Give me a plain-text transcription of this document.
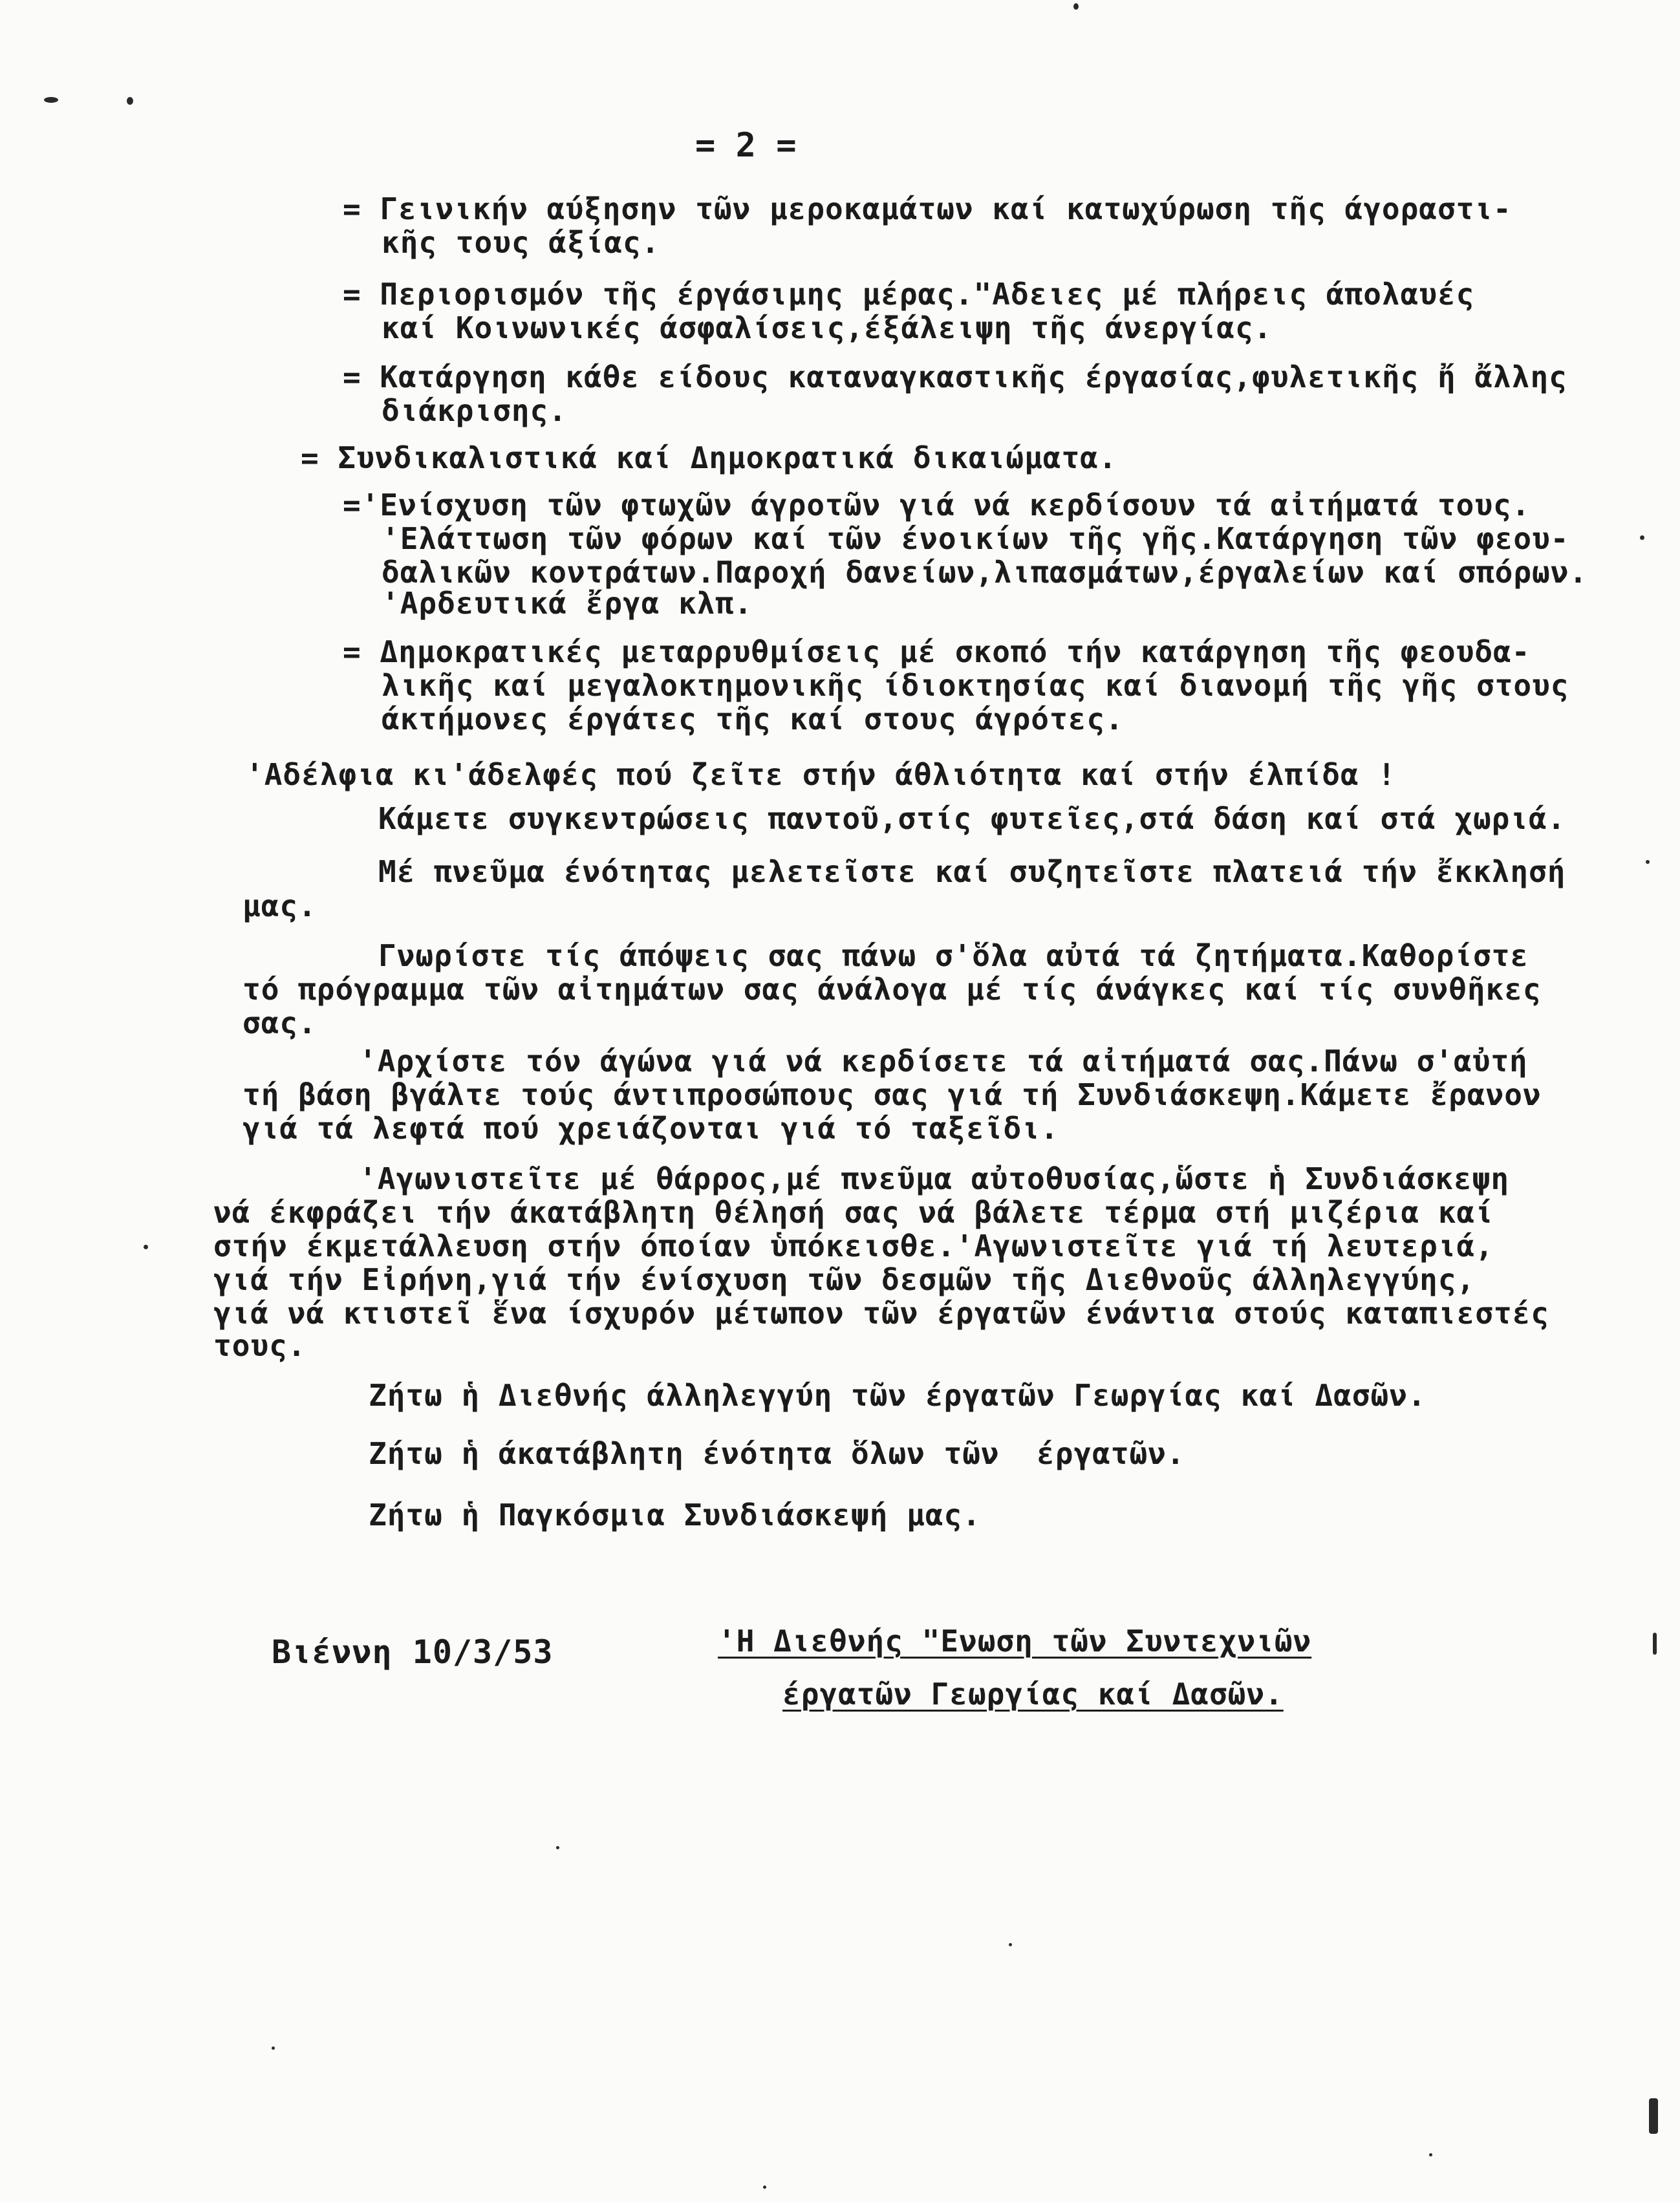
= 2 =
= Γεινικήν αύξησην τῶν μεροκαμάτων καί κατωχύρωση τῆς άγοραστι-
κῆς τους άξίας.
= Περιορισμόν τῆς έργάσιμης μέρας."Αδειες μέ πλήρεις άπολαυές
καί Κοινωνικές άσφαλίσεις,έξάλειψη τῆς άνεργίας.
= Κατάργηση κάθε είδους καταναγκαστικῆς έργασίας,φυλετικῆς ἤ ἄλλης
διάκρισης.
= Συνδικαλιστικά καί Δημοκρατικά δικαιώματα.
='Ενίσχυση τῶν φτωχῶν άγροτῶν γιά νά κερδίσουν τά αἰτήματά τους.
'Ελάττωση τῶν φόρων καί τῶν ένοικίων τῆς γῆς.Κατάργηση τῶν φεου-
δαλικῶν κοντράτων.Παροχή δανείων,λιπασμάτων,έργαλείων καί σπόρων.
'Αρδευτικά ἔργα κλπ.
= Δημοκρατικές μεταρρυθμίσεις μέ σκοπό τήν κατάργηση τῆς φεουδα-
λικῆς καί μεγαλοκτημονικῆς ίδιοκτησίας καί διανομή τῆς γῆς στους
άκτήμονες έργάτες τῆς καί στους άγρότες.
'Αδέλφια κι'άδελφές πού ζεῖτε στήν άθλιότητα καί στήν έλπίδα !
Κάμετε συγκεντρώσεις παντοῦ,στίς φυτεῖες,στά δάση καί στά χωριά.
Μέ πνεῦμα ένότητας μελετεῖστε καί συζητεῖστε πλατειά τήν ἔκκλησή
μας.
Γνωρίστε τίς άπόψεις σας πάνω σ'ὅλα αὐτά τά ζητήματα.Καθορίστε
τό πρόγραμμα τῶν αἰτημάτων σας άνάλογα μέ τίς άνάγκες καί τίς συνθῆκες
σας.
'Αρχίστε τόν άγώνα γιά νά κερδίσετε τά αἰτήματά σας.Πάνω σ'αὐτή
τή βάση βγάλτε τούς άντιπροσώπους σας γιά τή Συνδιάσκεψη.Κάμετε ἔρανον
γιά τά λεφτά πού χρειάζονται γιά τό ταξεῖδι.
'Αγωνιστεῖτε μέ θάρρος,μέ πνεῦμα αὐτοθυσίας,ὥστε ἡ Συνδιάσκεψη
νά έκφράζει τήν άκατάβλητη θέλησή σας νά βάλετε τέρμα στή μιζέρια καί
στήν έκμετάλλευση στήν όποίαν ὑπόκεισθε.'Αγωνιστεῖτε γιά τή λευτεριά,
γιά τήν Εἰρήνη,γιά τήν ένίσχυση τῶν δεσμῶν τῆς Διεθνοῦς άλληλεγγύης,
γιά νά κτιστεῖ ἕνα ίσχυρόν μέτωπον τῶν έργατῶν ένάντια στούς καταπιεστές
τους.
Ζήτω ἡ Διεθνής άλληλεγγύη τῶν έργατῶν Γεωργίας καί Δασῶν.
Ζήτω ἡ άκατάβλητη ένότητα ὅλων τῶν  έργατῶν.
Ζήτω ἡ Παγκόσμια Συνδιάσκεψή μας.
Βιέννη 10/3/53	'Η Διεθνής "Ενωση τῶν Συντεχνιῶν
έργατῶν Γεωργίας καί Δασῶν.
